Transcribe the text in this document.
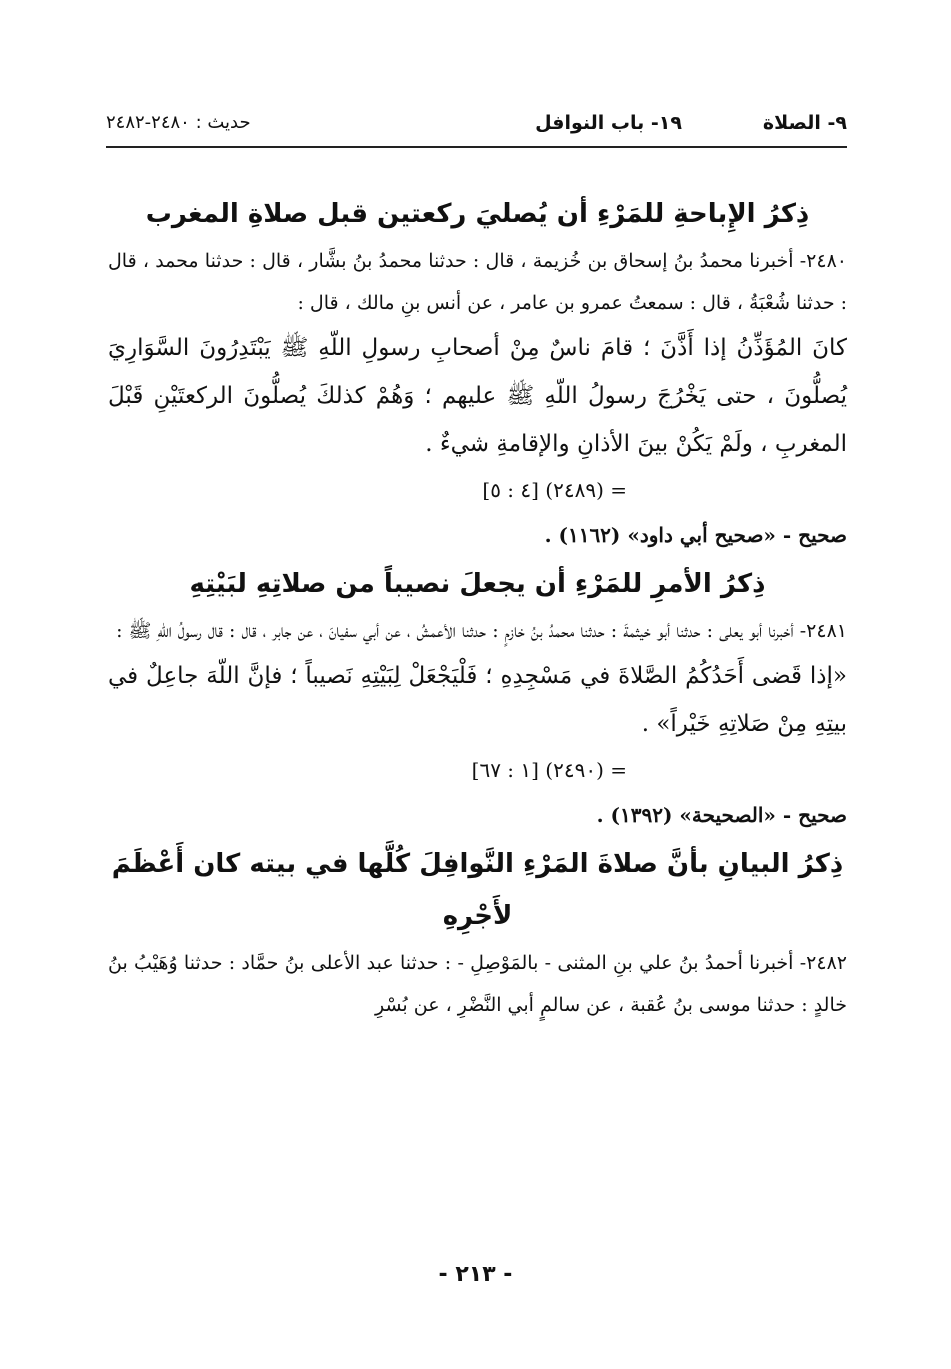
٩- الصلاة
١٩- باب النوافل
حديث : ٢٤٨٠-٢٤٨٢
ذِكرُ الإِباحةِ للمَرْءِ أن يُصليَ ركعتين قبل صلاةِ المغرب

٢٤٨٠- أخبرنا محمدُ بنُ إسحاق بن خُزيمة ، قال : حدثنا محمدُ بنُ بشَّار ، قال : حدثنا محمد ، قال : حدثنا شُعْبَةُ ، قال : سمعتُ عمرو بن عامر ، عن أنس بنِ مالك ، قال :

كانَ المُؤَذِّنُ إذا أَذَّنَ ؛ قامَ ناسٌ مِنْ أصحابِ رسولِ اللّهِ ﷺ يَبْتَدِرُونَ السَّوَارِيَ يُصلُّونَ ، حتى يَخْرُجَ رسولُ اللّهِ ﷺ عليهم ؛ وَهُمْ كذلكَ يُصلُّونَ الركعتَيْنِ قَبْلَ المغربِ ، ولَمْ يَكُنْ بينَ الأذانِ والإقامةِ شيءٌ .

= (٢٤٨٩) [٤ : ٥]

صحيح - «صحيح أبي داود» (١١٦٢) .

ذِكرُ الأمرِ للمَرْءِ أن يجعلَ نصيباً من صلاتِهِ لبَيْتِهِ

٢٤٨١- أخبرنا أبو يعلى : حدثنا أبو خيثمةَ : حدثنا محمدُ بنُ خازمٍ : حدثنا الأعمشُ ، عن أبي سفيانَ ، عن جابر ، قال : قال رسولُ اللّهِ ﷺ :

«إذا قَضى أَحَدُكُمُ الصَّلاةَ في مَسْجِدِهِ ؛ فَلْيَجْعَلْ لِبَيْتِهِ نَصيباً ؛ فإنَّ اللّهَ جاعِلٌ في بيتِهِ مِنْ صَلاتِهِ خَيْراً» .

= (٢٤٩٠) [١ : ٦٧]

صحيح - «الصحيحة» (١٣٩٢) .

ذِكرُ البيانِ بأنَّ صلاةَ المَرْءِ النَّوافِلَ كُلَّها في بيته كان أَعْظَمَ لأَجْرِهِ

٢٤٨٢- أخبرنا أحمدُ بنُ علي بنِ المثنى - بالمَوْصِلِ - : حدثنا عبد الأعلى بنُ حمَّاد : حدثنا وُهَيْبُ بنُ خالدٍ : حدثنا موسى بنُ عُقبة ، عن سالمٍ أبي النَّضْرِ ، عن بُسْرِ

- ٢١٣ -
